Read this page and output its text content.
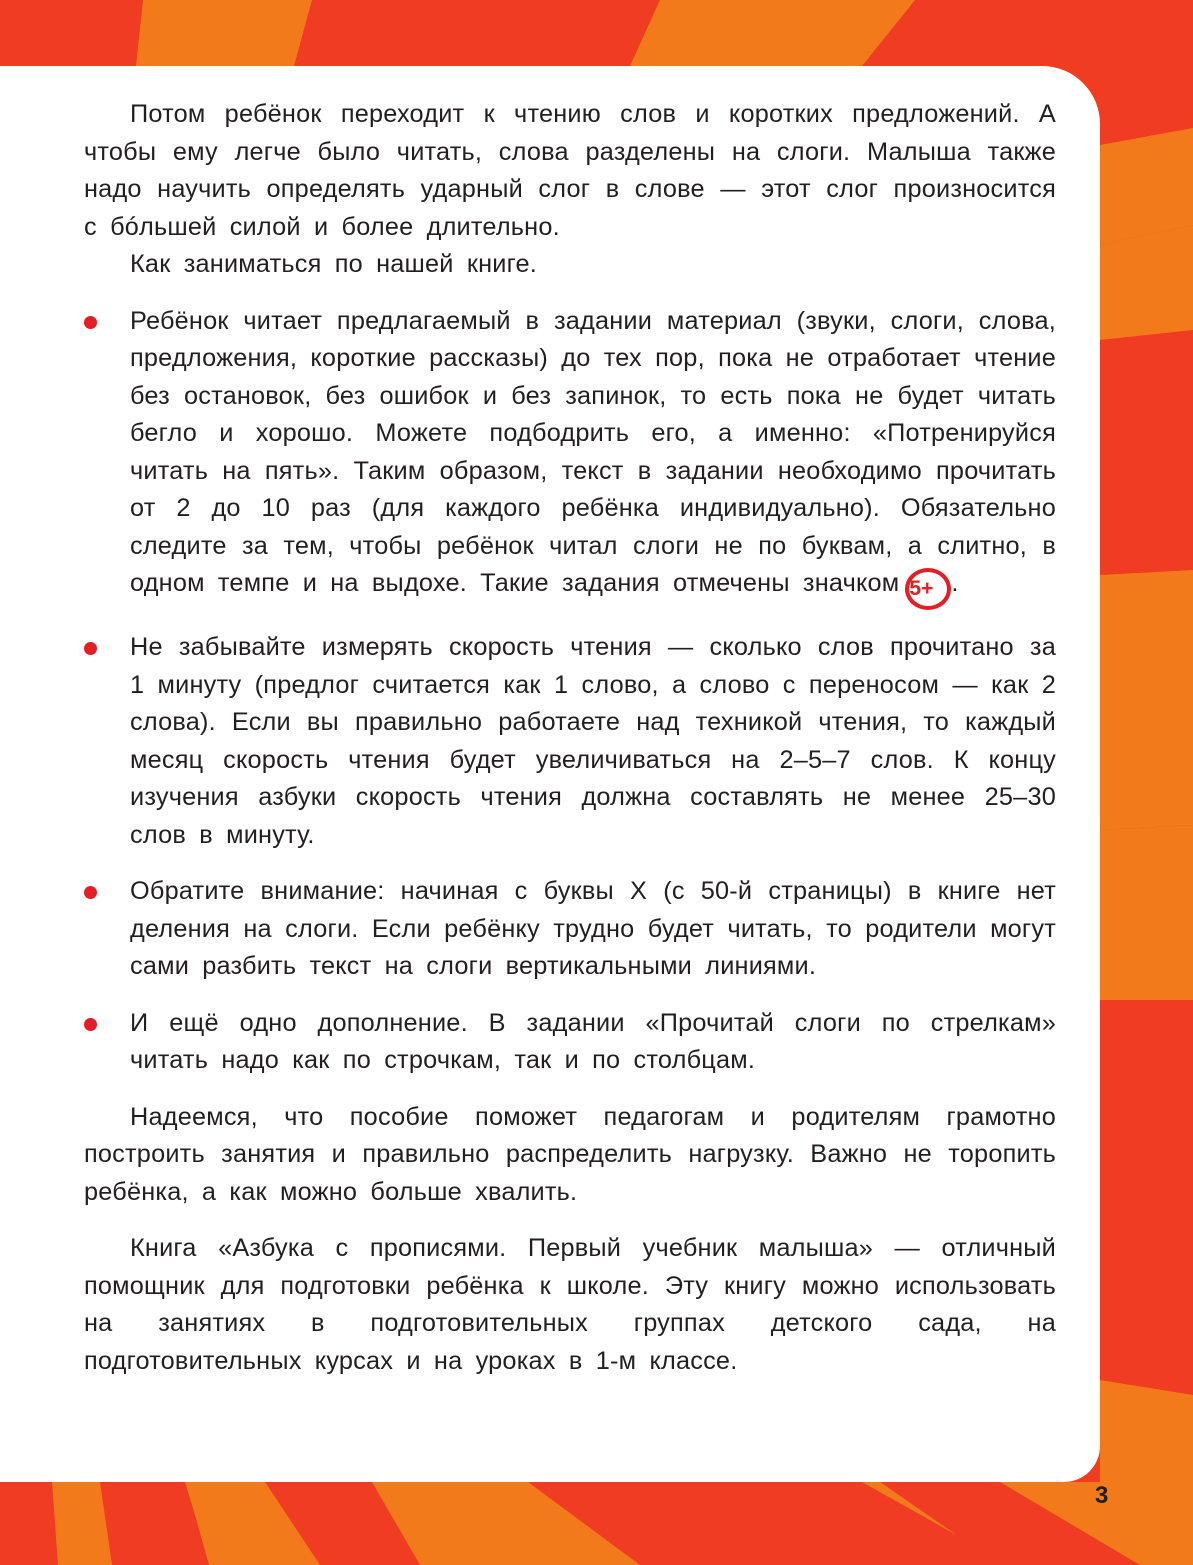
Потом ребёнок переходит к чтению слов и коротких предложений. А чтобы ему легче было читать, слова разделены на слоги. Малыша также надо научить определять ударный слог в слове — этот слог произносится с бóльшей силой и более длительно.

Как заниматься по нашей книге.

Ребёнок читает предлагаемый в задании материал (звуки, слоги, слова, предложения, короткие рассказы) до тех пор, пока не отработает чтение без остановок, без ошибок и без запинок, то есть пока не будет читать бегло и хорошо. Можете подбодрить его, а именно: «Потренируйся читать на пять». Таким образом, текст в задании необходимо прочитать от 2 до 10 раз (для каждого ребёнка индивидуально). Обязательно следите за тем, чтобы ребёнок читал слоги не по буквам, а слитно, в одном темпе и на выдохе. Такие задания отмечены значком 5+ .
Не забывайте измерять скорость чтения — сколько слов прочитано за 1 минуту (предлог считается как 1 слово, а слово с переносом — как 2 слова). Если вы правильно работаете над техникой чтения, то каждый месяц скорость чтения будет увеличиваться на 2–5–7 слов. К концу изучения азбуки скорость чтения должна составлять не менее 25–30 слов в минуту.
Обратите внимание: начиная с буквы Х (с 50-й страницы) в книге нет деления на слоги. Если ребёнку трудно будет читать, то родители могут сами разбить текст на слоги вертикальными линиями.
И ещё одно дополнение. В задании «Прочитай слоги по стрелкам» читать надо как по строчкам, так и по столбцам.

Надеемся, что пособие поможет педагогам и родителям грамотно построить занятия и правильно распределить нагрузку. Важно не торопить ребёнка, а как можно больше хвалить.

Книга «Азбука с прописями. Первый учебник малыша» — отличный помощник для подготовки ребёнка к школе. Эту книгу можно использовать на занятиях в подготовительных группах детского сада, на подготовительных курсах и на уроках в 1-м классе.

3
